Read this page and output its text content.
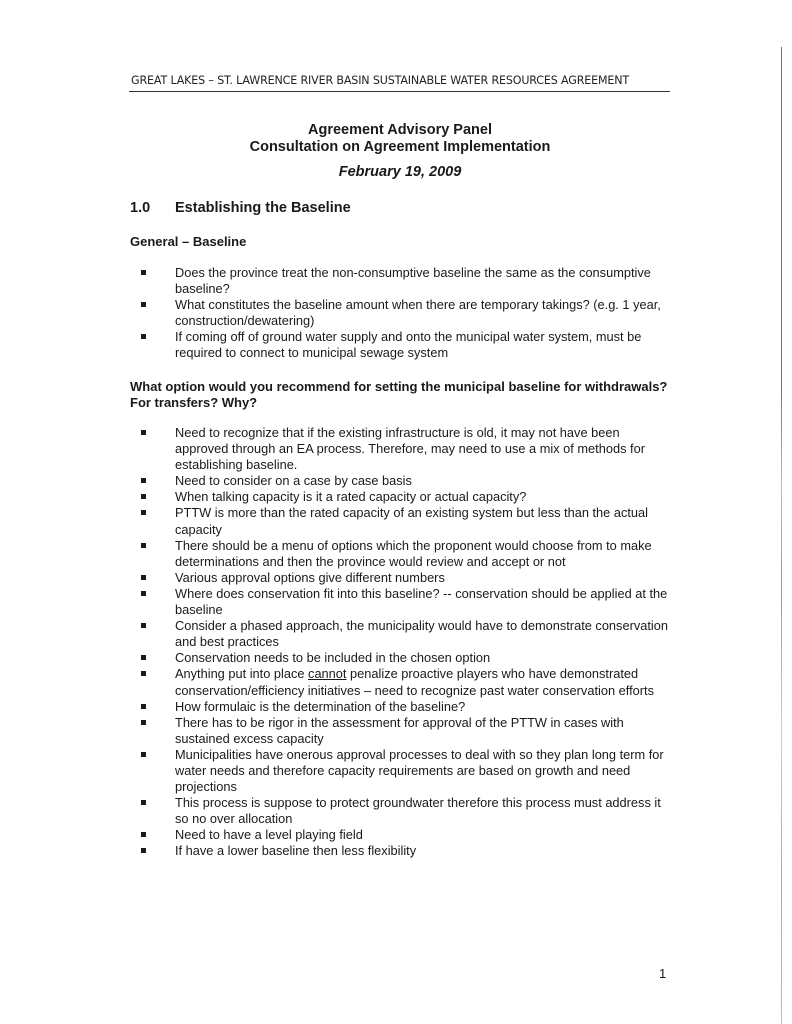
GREAT LAKES – ST. LAWRENCE RIVER BASIN SUSTAINABLE WATER RESOURCES AGREEMENT
Agreement Advisory Panel
Consultation on Agreement Implementation
February 19, 2009
1.0 Establishing the Baseline
General – Baseline
Does the province treat the non-consumptive baseline the same as the consumptive baseline?
What constitutes the baseline amount when there are temporary takings? (e.g. 1 year, construction/dewatering)
If coming off of ground water supply and onto the municipal water system, must be required to connect to municipal sewage system
What option would you recommend for setting the municipal baseline for withdrawals? For transfers? Why?
Need to recognize that if the existing infrastructure is old, it may not have been approved through an EA process. Therefore, may need to use a mix of methods for establishing baseline.
Need to consider on a case by case basis
When talking capacity is it a rated capacity or actual capacity?
PTTW is more than the rated capacity of an existing system but less than the actual capacity
There should be a menu of options which the proponent would choose from to make determinations and then the province would review and accept or not
Various approval options give different numbers
Where does conservation fit into this baseline? -- conservation should be applied at the baseline
Consider a phased approach, the municipality would have to demonstrate conservation and best practices
Conservation needs to be included in the chosen option
Anything put into place cannot penalize proactive players who have demonstrated conservation/efficiency initiatives – need to recognize past water conservation efforts
How formulaic is the determination of the baseline?
There has to be rigor in the assessment for approval of the PTTW in cases with sustained excess capacity
Municipalities have onerous approval processes to deal with so they plan long term for water needs and therefore capacity requirements are based on growth and need projections
This process is suppose to protect groundwater therefore this process must address it so no over allocation
Need to have a level playing field
If have a lower baseline then less flexibility
1
